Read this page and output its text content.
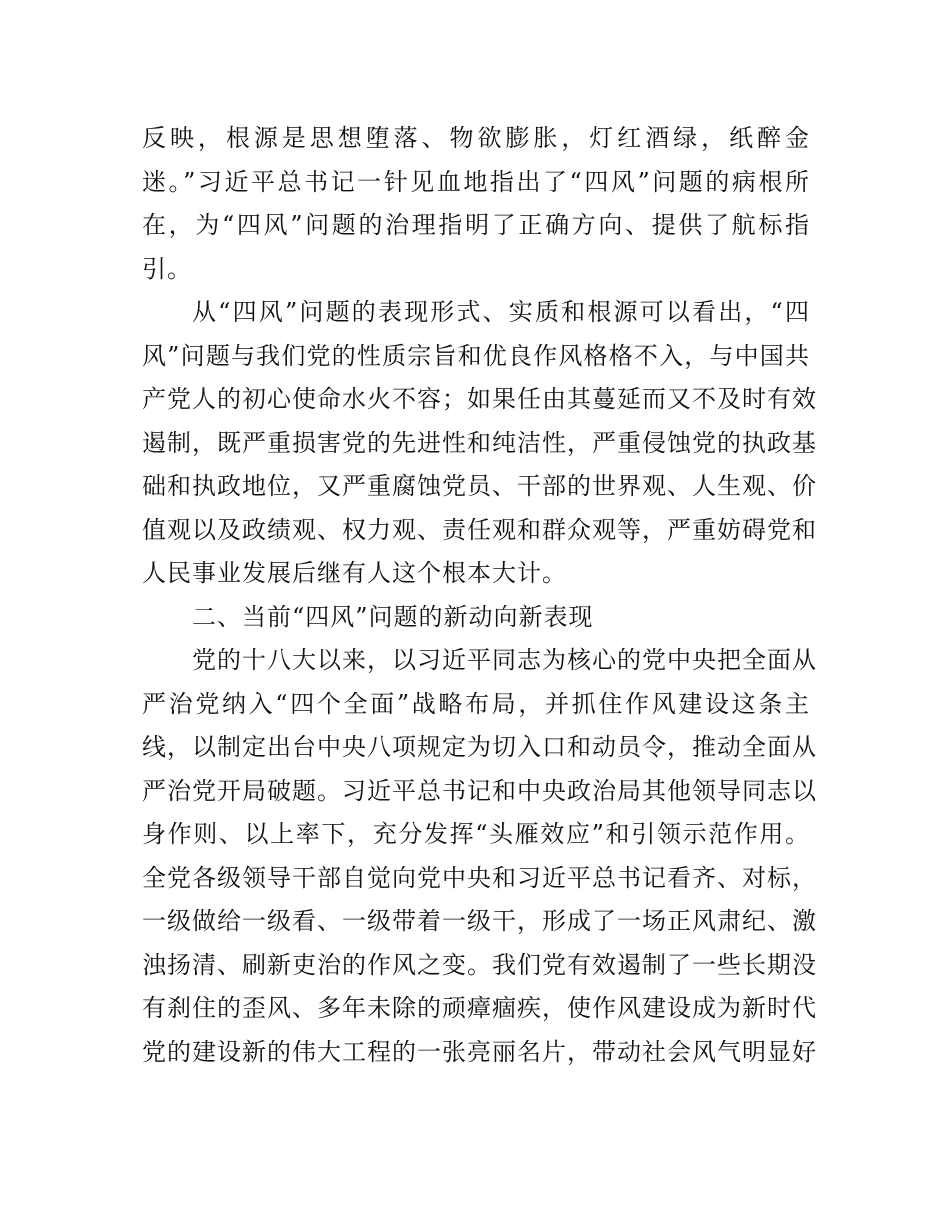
反映，根源是思想堕落、物欲膨胀，灯红酒绿，纸醉金
迷。”习近平总书记一针见血地指出了“四风”问题的病根所
在，为“四风”问题的治理指明了正确方向、提供了航标指
引。

从“四风”问题的表现形式、实质和根源可以看出，“四
风”问题与我们党的性质宗旨和优良作风格格不入，与中国共
产党人的初心使命水火不容；如果任由其蔓延而又不及时有效
遏制，既严重损害党的先进性和纯洁性，严重侵蚀党的执政基
础和执政地位，又严重腐蚀党员、干部的世界观、人生观、价
值观以及政绩观、权力观、责任观和群众观等，严重妨碍党和
人民事业发展后继有人这个根本大计。

二、当前“四风”问题的新动向新表现

党的十八大以来，以习近平同志为核心的党中央把全面从
严治党纳入“四个全面”战略布局，并抓住作风建设这条主
线，以制定出台中央八项规定为切入口和动员令，推动全面从
严治党开局破题。习近平总书记和中央政治局其他领导同志以
身作则、以上率下，充分发挥“头雁效应”和引领示范作用。
全党各级领导干部自觉向党中央和习近平总书记看齐、对标，
一级做给一级看、一级带着一级干，形成了一场正风肃纪、激
浊扬清、刷新吏治的作风之变。我们党有效遏制了一些长期没
有刹住的歪风、多年未除的顽瘴痼疾，使作风建设成为新时代
党的建设新的伟大工程的一张亮丽名片，带动社会风气明显好
